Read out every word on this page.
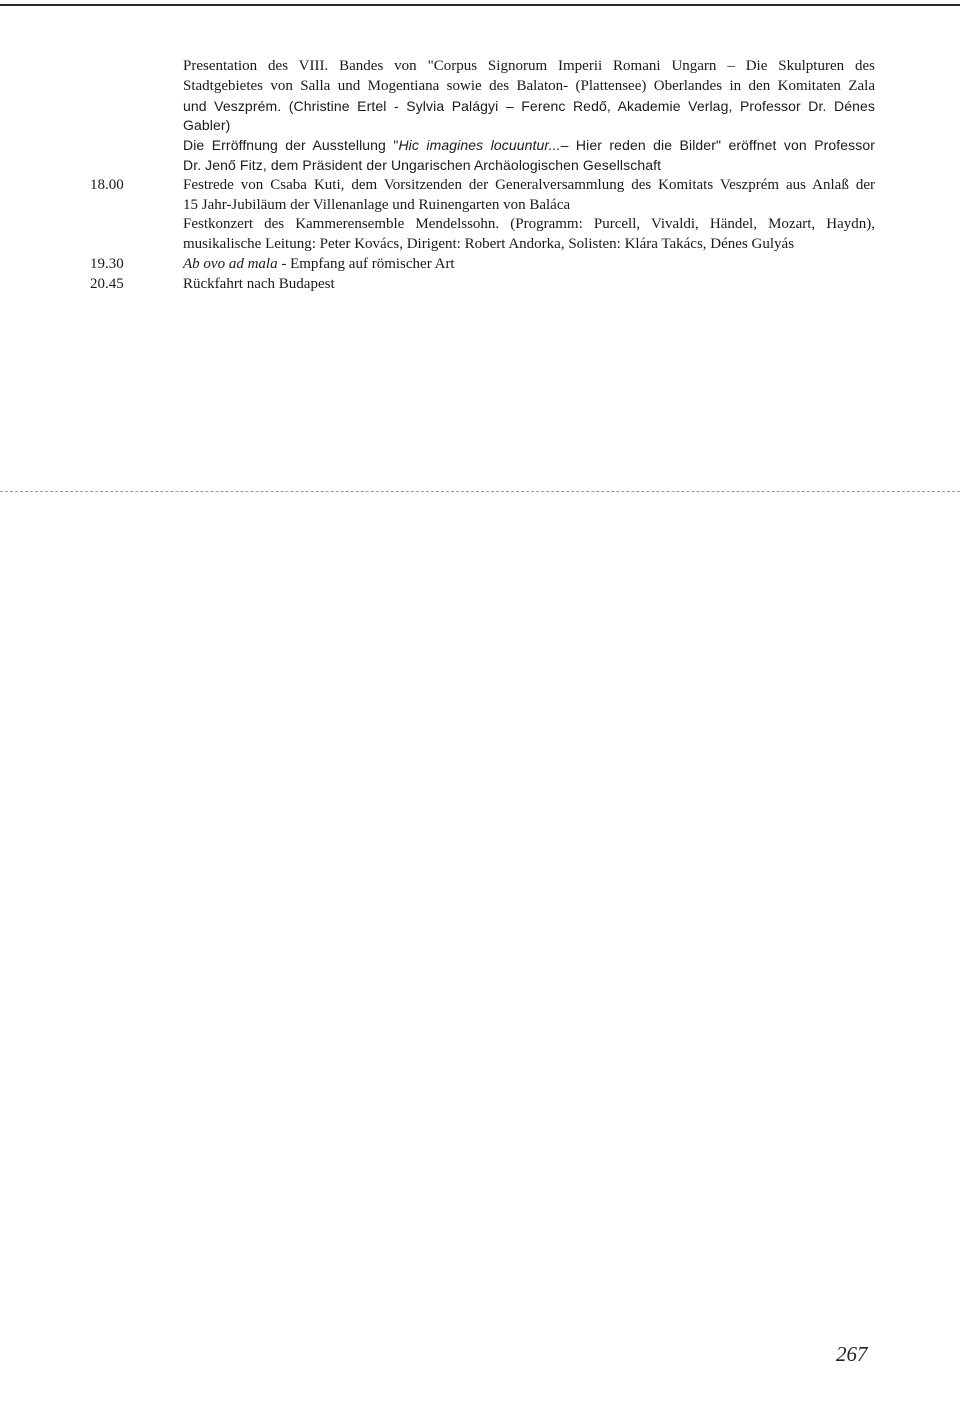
Presentation des VIII. Bandes von "Corpus Signorum Imperii Romani Ungarn – Die Skulpturen des
Stadtgebietes von Salla und Mogentiana sowie des Balaton- (Plattensee) Oberlandes in den Komitaten Zala
und Veszprém. (Christine Ertel - Sylvia Palágyi – Ferenc Redő, Akademie Verlag, Professor Dr. Dénes
Gabler)
Die Erröffnung der Ausstellung "Hic imagines locuuntur...– Hier reden die Bilder" eröffnet von Professor
Dr. Jenő Fitz, dem Präsident der Ungarischen Archäologischen Gesellschaft
18.00	Festrede von Csaba Kuti, dem Vorsitzenden der Generalversammlung des Komitats Veszprém aus Anlaß der
15 Jahr-Jubiläum der Villenanlage und Ruinengarten von Baláca
Festkonzert des Kammerensemble Mendelssohn. (Programm: Purcell, Vivaldi, Händel, Mozart, Haydn),
musikalische Leitung: Peter Kovács, Dirigent: Robert Andorka, Solisten: Klára Takács, Dénes Gulyás
19.30	Ab ovo ad mala - Empfang auf römischer Art
20.45	Rückfahrt nach Budapest
267
